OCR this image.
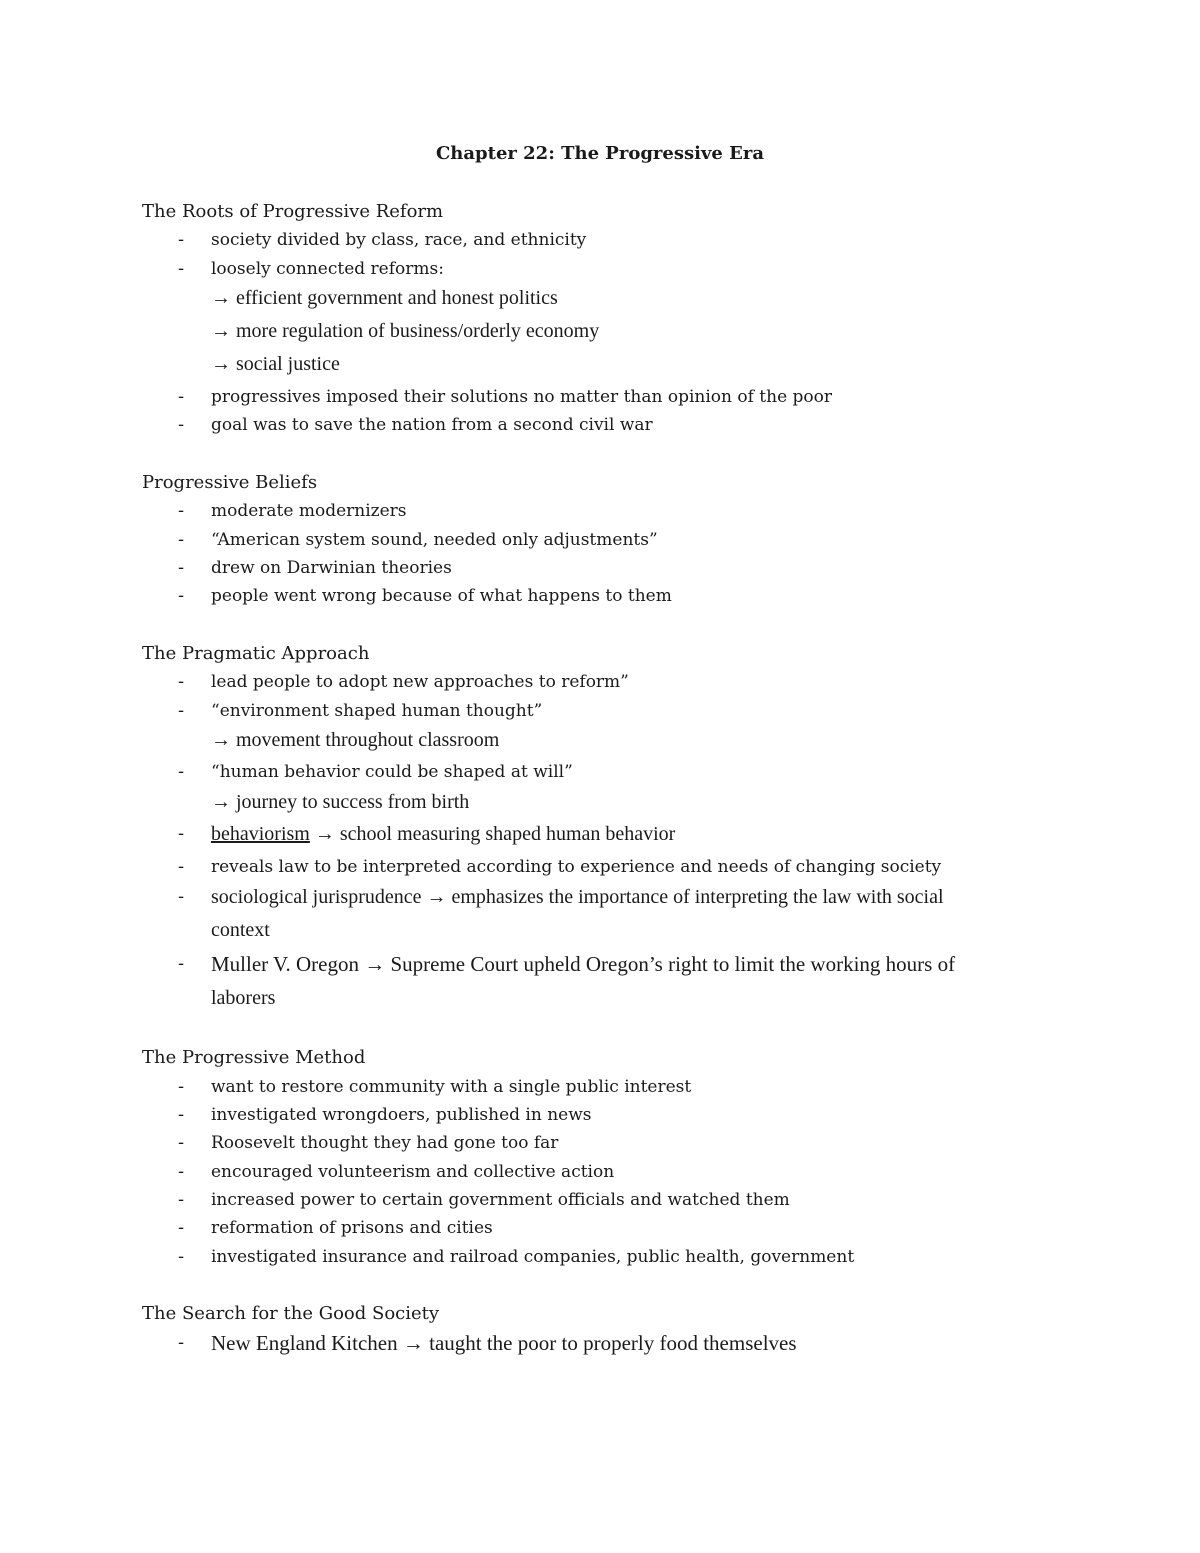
Chapter 22: The Progressive Era
The Roots of Progressive Reform
- society divided by class, race, and ethnicity
- loosely connected reforms:
→ efficient government and honest politics
→ more regulation of business/orderly economy
→ social justice
- progressives imposed their solutions no matter than opinion of the poor
- goal was to save the nation from a second civil war
Progressive Beliefs
- moderate modernizers
- “American system sound, needed only adjustments”
- drew on Darwinian theories
- people went wrong because of what happens to them
The Pragmatic Approach
- lead people to adopt new approaches to reform”
- “environment shaped human thought”
→ movement throughout classroom
- “human behavior could be shaped at will”
→ journey to success from birth
- behaviorism → school measuring shaped human behavior
- reveals law to be interpreted according to experience and needs of changing society
- sociological jurisprudence → emphasizes the importance of interpreting the law with social
context
- Muller V. Oregon → Supreme Court upheld Oregon’s right to limit the working hours of
laborers
The Progressive Method
- want to restore community with a single public interest
- investigated wrongdoers, published in news
- Roosevelt thought they had gone too far
- encouraged volunteerism and collective action
- increased power to certain government officials and watched them
- reformation of prisons and cities
- investigated insurance and railroad companies, public health, government
The Search for the Good Society
- New England Kitchen → taught the poor to properly food themselves
